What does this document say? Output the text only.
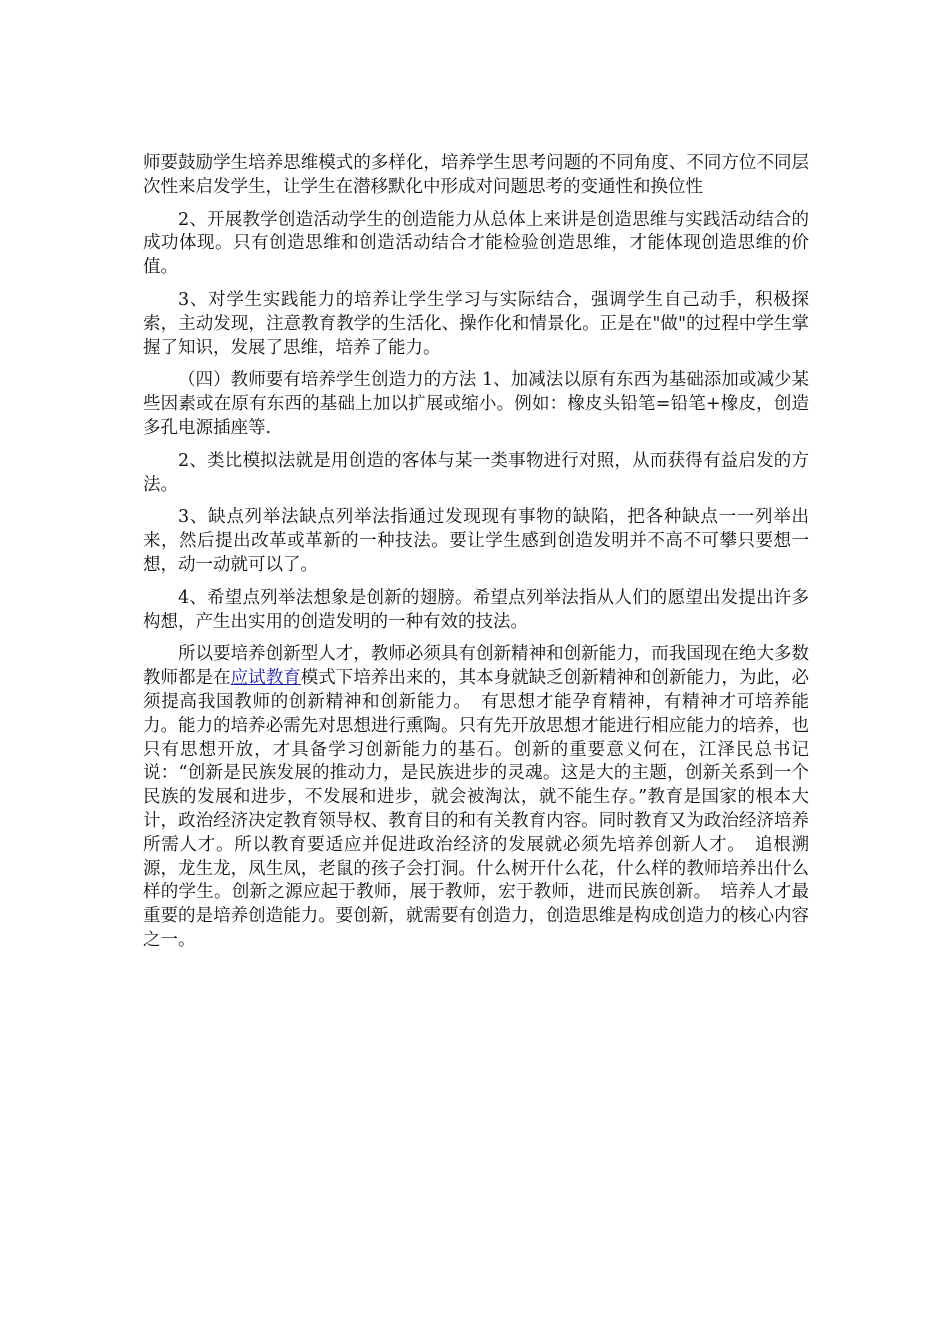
师要鼓励学生培养思维模式的多样化，培养学生思考问题的不同角度、不同方位不同层次性来启发学生，让学生在潜移默化中形成对问题思考的变通性和换位性

2、开展教学创造活动学生的创造能力从总体上来讲是创造思维与实践活动结合的成功体现。只有创造思维和创造活动结合才能检验创造思维，才能体现创造思维的价值。

3、对学生实践能力的培养让学生学习与实际结合，强调学生自己动手，积极探索，主动发现，注意教育教学的生活化、操作化和情景化。正是在"做"的过程中学生掌握了知识，发展了思维，培养了能力。

（四）教师要有培养学生创造力的方法 1、加减法以原有东西为基础添加或减少某些因素或在原有东西的基础上加以扩展或缩小。例如：橡皮头铅笔=铅笔+橡皮，创造多孔电源插座等.

2、类比模拟法就是用创造的客体与某一类事物进行对照，从而获得有益启发的方法。

3、缺点列举法缺点列举法指通过发现现有事物的缺陷，把各种缺点一一列举出来，然后提出改革或革新的一种技法。要让学生感到创造发明并不高不可攀只要想一想，动一动就可以了。

4、希望点列举法想象是创新的翅膀。希望点列举法指从人们的愿望出发提出许多构想，产生出实用的创造发明的一种有效的技法。

所以要培养创新型人才，教师必须具有创新精神和创新能力，而我国现在绝大多数教师都是在应试教育模式下培养出来的，其本身就缺乏创新精神和创新能力，为此，必须提高我国教师的创新精神和创新能力。　有思想才能孕育精神，有精神才可培养能力。能力的培养必需先对思想进行熏陶。只有先开放思想才能进行相应能力的培养，也只有思想开放，才具备学习创新能力的基石。创新的重要意义何在，江泽民总书记说：“创新是民族发展的推动力，是民族进步的灵魂。这是大的主题，创新关系到一个民族的发展和进步，不发展和进步，就会被淘汰，就不能生存。”教育是国家的根本大计，政治经济决定教育领导权、教育目的和有关教育内容。同时教育又为政治经济培养所需人才。所以教育要适应并促进政治经济的发展就必须先培养创新人才。　追根溯源，龙生龙，凤生凤，老鼠的孩子会打洞。什么树开什么花，什么样的教师培养出什么样的学生。创新之源应起于教师，展于教师，宏于教师，进而民族创新。　培养人才最重要的是培养创造能力。要创新，就需要有创造力，创造思维是构成创造力的核心内容之一。
